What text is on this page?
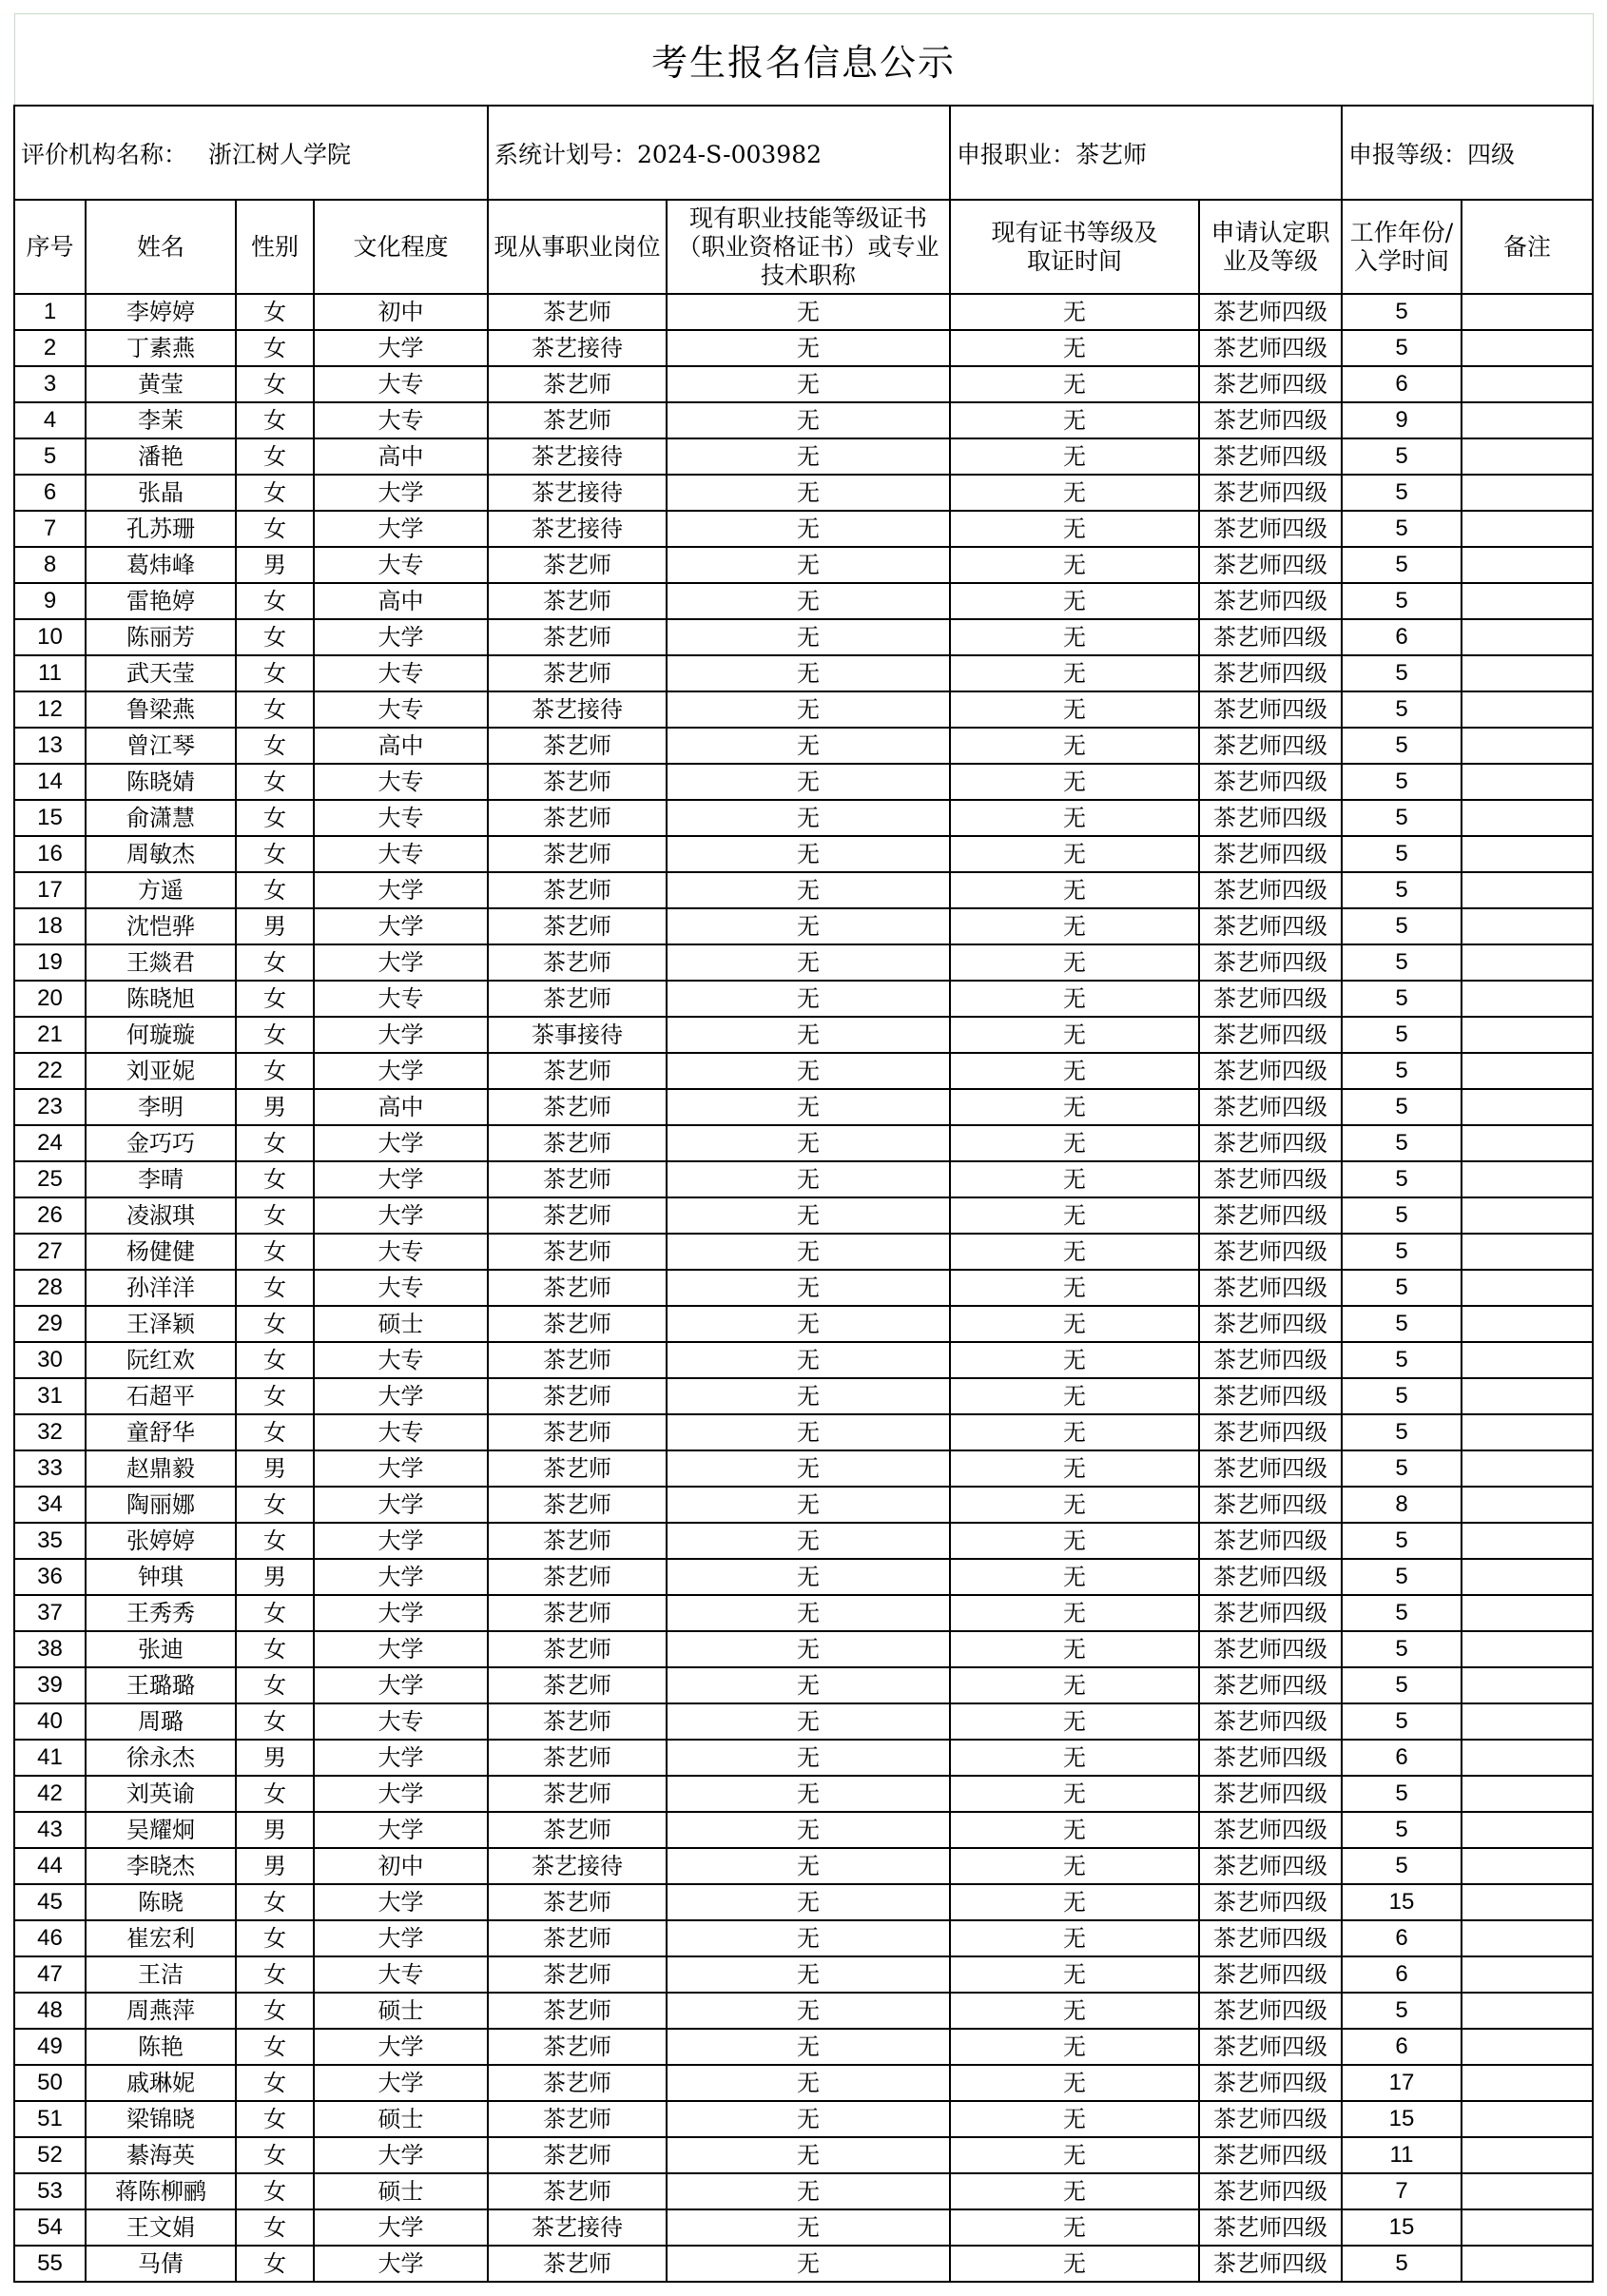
考生报名信息公示									
评价机构名称： 浙江树人学院				系统计划号：2024-S-003982		申报职业：茶艺师		申报等级：四级	
序号	姓名	性别	文化程度	现从事职业岗位	现有职业技能等级证书（职业资格证书）或专业技术职称	现有证书等级及取证时间	申请认定职业及等级	工作年份/入学时间	备注
1	李婷婷	女	初中	茶艺师	无	无	茶艺师四级	5	
2	丁素燕	女	大学	茶艺接待	无	无	茶艺师四级	5	
3	黄莹	女	大专	茶艺师	无	无	茶艺师四级	6	
4	李茉	女	大专	茶艺师	无	无	茶艺师四级	9	
5	潘艳	女	高中	茶艺接待	无	无	茶艺师四级	5	
6	张晶	女	大学	茶艺接待	无	无	茶艺师四级	5	
7	孔苏珊	女	大学	茶艺接待	无	无	茶艺师四级	5	
8	葛炜峰	男	大专	茶艺师	无	无	茶艺师四级	5	
9	雷艳婷	女	高中	茶艺师	无	无	茶艺师四级	5	
10	陈丽芳	女	大学	茶艺师	无	无	茶艺师四级	6	
11	武天莹	女	大专	茶艺师	无	无	茶艺师四级	5	
12	鲁梁燕	女	大专	茶艺接待	无	无	茶艺师四级	5	
13	曾江琴	女	高中	茶艺师	无	无	茶艺师四级	5	
14	陈晓婧	女	大专	茶艺师	无	无	茶艺师四级	5	
15	俞潇慧	女	大专	茶艺师	无	无	茶艺师四级	5	
16	周敏杰	女	大专	茶艺师	无	无	茶艺师四级	5	
17	方遥	女	大学	茶艺师	无	无	茶艺师四级	5	
18	沈恺骅	男	大学	茶艺师	无	无	茶艺师四级	5	
19	王燚君	女	大学	茶艺师	无	无	茶艺师四级	5	
20	陈晓旭	女	大专	茶艺师	无	无	茶艺师四级	5	
21	何璇璇	女	大学	茶事接待	无	无	茶艺师四级	5	
22	刘亚妮	女	大学	茶艺师	无	无	茶艺师四级	5	
23	李明	男	高中	茶艺师	无	无	茶艺师四级	5	
24	金巧巧	女	大学	茶艺师	无	无	茶艺师四级	5	
25	李晴	女	大学	茶艺师	无	无	茶艺师四级	5	
26	凌淑琪	女	大学	茶艺师	无	无	茶艺师四级	5	
27	杨健健	女	大专	茶艺师	无	无	茶艺师四级	5	
28	孙洋洋	女	大专	茶艺师	无	无	茶艺师四级	5	
29	王泽颖	女	硕士	茶艺师	无	无	茶艺师四级	5	
30	阮红欢	女	大专	茶艺师	无	无	茶艺师四级	5	
31	石超平	女	大学	茶艺师	无	无	茶艺师四级	5	
32	童舒华	女	大专	茶艺师	无	无	茶艺师四级	5	
33	赵鼎毅	男	大学	茶艺师	无	无	茶艺师四级	5	
34	陶丽娜	女	大学	茶艺师	无	无	茶艺师四级	8	
35	张婷婷	女	大学	茶艺师	无	无	茶艺师四级	5	
36	钟琪	男	大学	茶艺师	无	无	茶艺师四级	5	
37	王秀秀	女	大学	茶艺师	无	无	茶艺师四级	5	
38	张迪	女	大学	茶艺师	无	无	茶艺师四级	5	
39	王璐璐	女	大学	茶艺师	无	无	茶艺师四级	5	
40	周璐	女	大专	茶艺师	无	无	茶艺师四级	5	
41	徐永杰	男	大学	茶艺师	无	无	茶艺师四级	6	
42	刘英谕	女	大学	茶艺师	无	无	茶艺师四级	5	
43	吴耀炯	男	大学	茶艺师	无	无	茶艺师四级	5	
44	李晓杰	男	初中	茶艺接待	无	无	茶艺师四级	5	
45	陈晓	女	大学	茶艺师	无	无	茶艺师四级	15	
46	崔宏利	女	大学	茶艺师	无	无	茶艺师四级	6	
47	王洁	女	大专	茶艺师	无	无	茶艺师四级	6	
48	周燕萍	女	硕士	茶艺师	无	无	茶艺师四级	5	
49	陈艳	女	大学	茶艺师	无	无	茶艺师四级	6	
50	戚琳妮	女	大学	茶艺师	无	无	茶艺师四级	17	
51	梁锦晓	女	硕士	茶艺师	无	无	茶艺师四级	15	
52	綦海英	女	大学	茶艺师	无	无	茶艺师四级	11	
53	蒋陈柳鹂	女	硕士	茶艺师	无	无	茶艺师四级	7	
54	王文娟	女	大学	茶艺接待	无	无	茶艺师四级	15	
55	马倩	女	大学	茶艺师	无	无	茶艺师四级	5	
